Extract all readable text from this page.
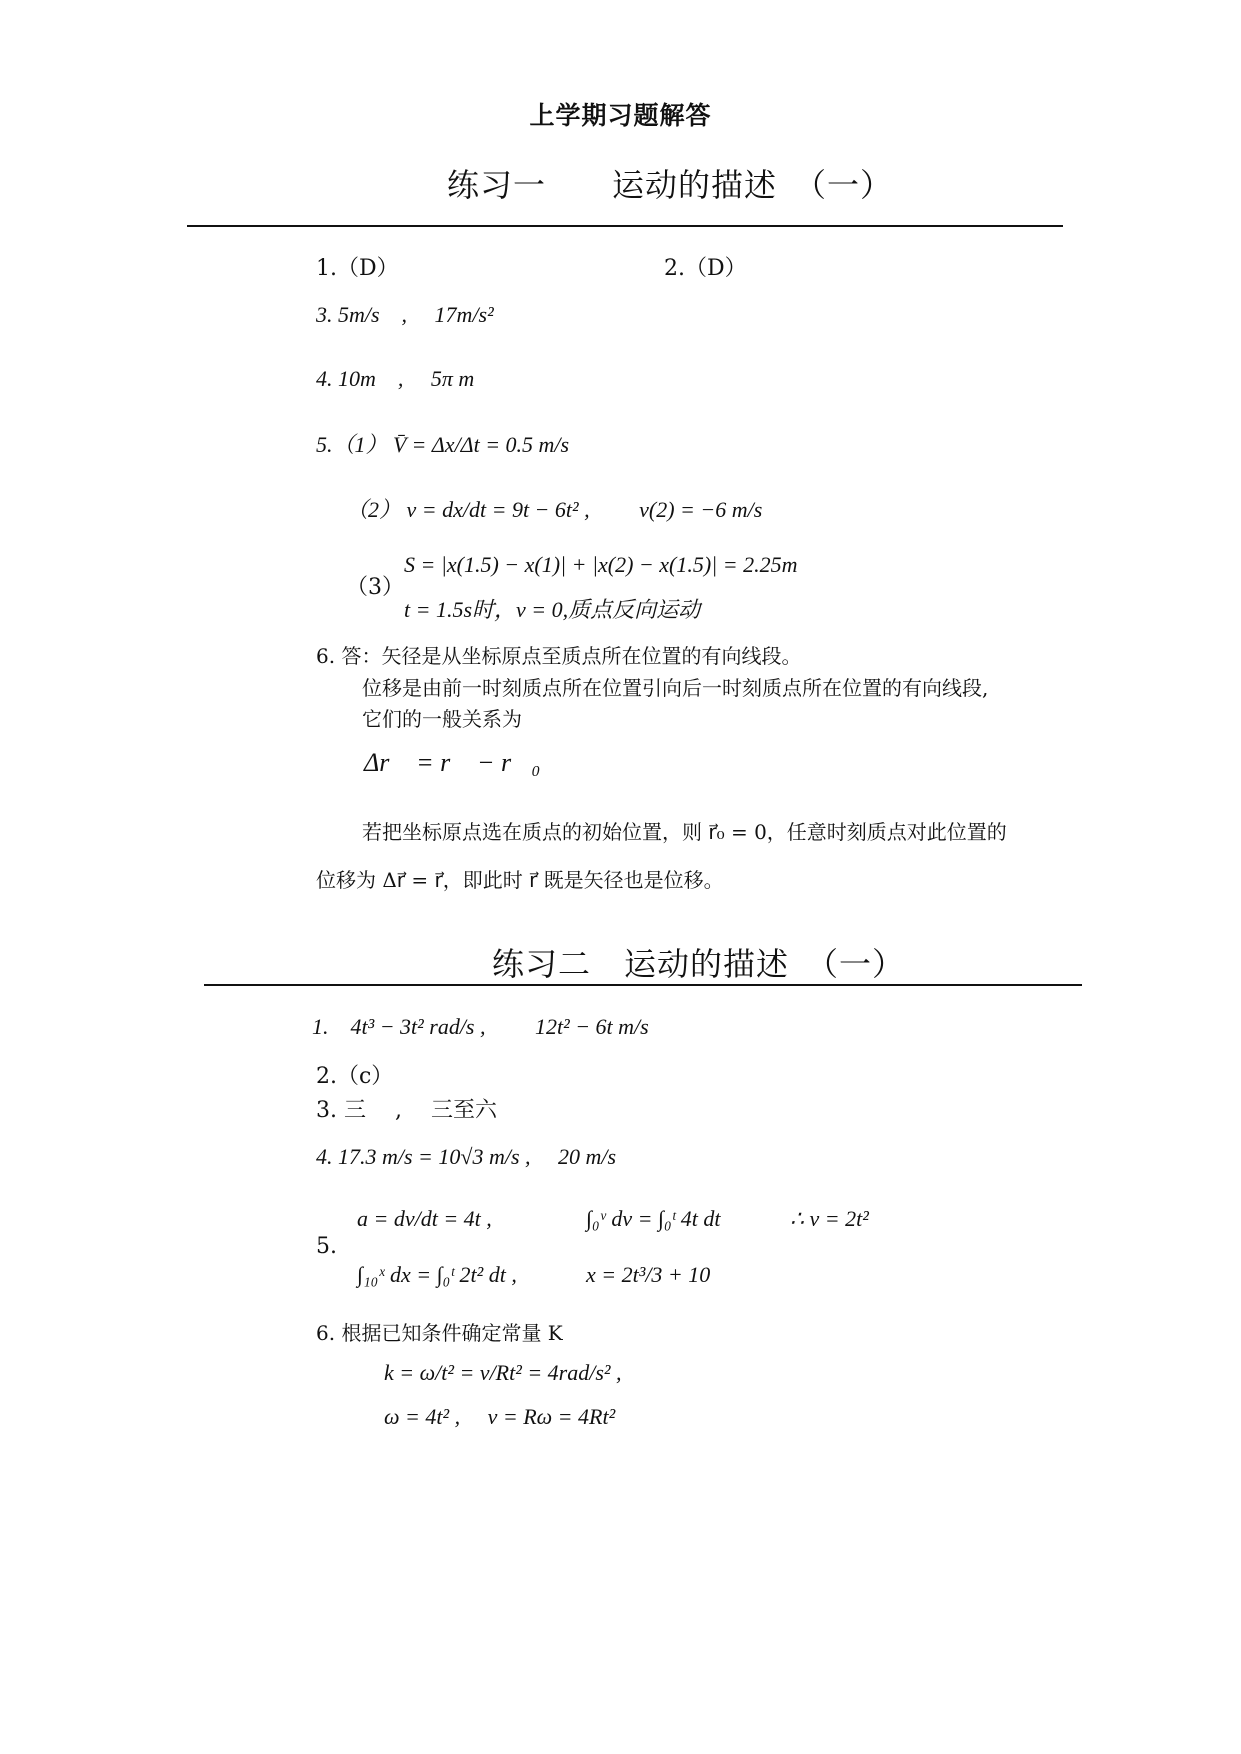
上学期习题解答
练习一　　运动的描述　（一）
1.（D）	2.（D）
3. 5m/s　,　 17m/s²
4. 10m　,　 5π m
5.（1） V̄ = Δx/Δt = 0.5 m/s
（2） v = dx/dt = 9t − 6t² ,　　 v(2) = −6 m/s
（3）
S = |x(1.5) − x(1)| + |x(2) − x(1.5)| = 2.25m
t = 1.5s时，v = 0,质点反向运动
6. 答：矢径是从坐标原点至质点所在位置的有向线段。
位移是由前一时刻质点所在位置引向后一时刻质点所在位置的有向线段,
它们的一般关系为
Δr⃗ = r⃗ − r⃗₀
若把坐标原点选在质点的初始位置，则 r⃗₀ = 0，任意时刻质点对此位置的
位移为 Δr⃗ = r⃗，即此时 r⃗ 既是矢径也是位移。
练习二　运动的描述　（一）
1.　4t³ − 3t² rad/s ,　　 12t² − 6t m/s
2.（c）
3. 三　 ,　 三至六
4. 17.3 m/s = 10√3 m/s ,　 20 m/s
5.
a = dv/dt = 4t ,	∫₀ᵛ dv = ∫₀ᵗ 4t dt	∴ v = 2t²
∫₁₀ˣ dx = ∫₀ᵗ 2t² dt ,	x = 2t³/3 + 10
6. 根据已知条件确定常量 K
k = ω/t² = v/Rt² = 4rad/s² ,
ω = 4t² ,　 v = Rω = 4Rt²
